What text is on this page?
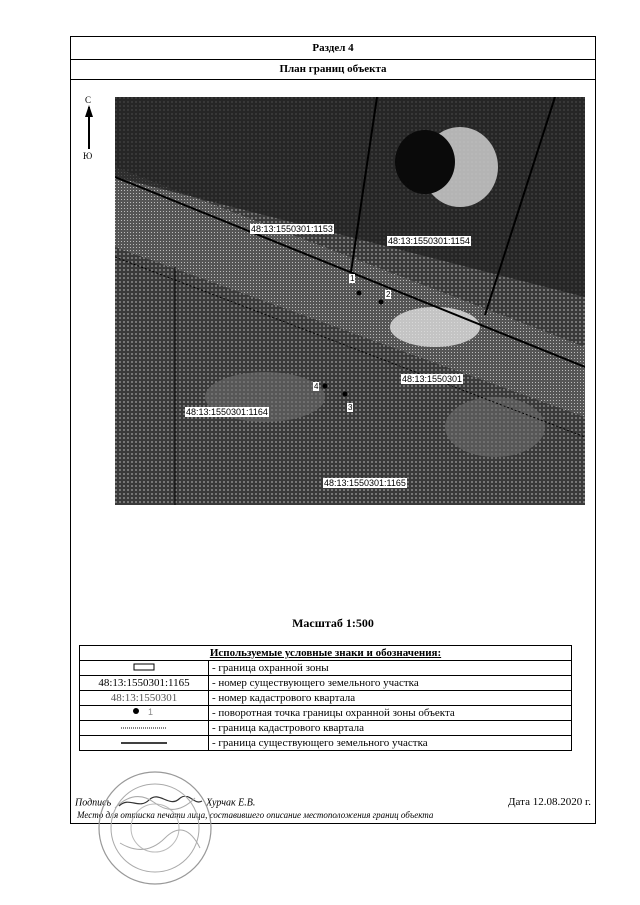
Раздел 4
План границ объекта
С
Ю
48:13:1550301:1153
48:13:1550301:1154
48:13:1550301
48:13:1550301:1164
48:13:1550301:1165
1
2
3
4
Масштаб 1:500
Используемые условные знаки и обозначения:	
	- граница охранной зоны
48:13:1550301:1165	- номер существующего земельного участка
48:13:1550301	- номер кадастрового квартала

1	- поворотная точка границы охранной зоны объекта
	- граница кадастрового квартала
	- граница существующего земельного участка
Подпись	Хурчак Е.В.	Дата 12.08.2020 г.
Место для оттиска печати лица, составившего описание местоположения границ объекта
